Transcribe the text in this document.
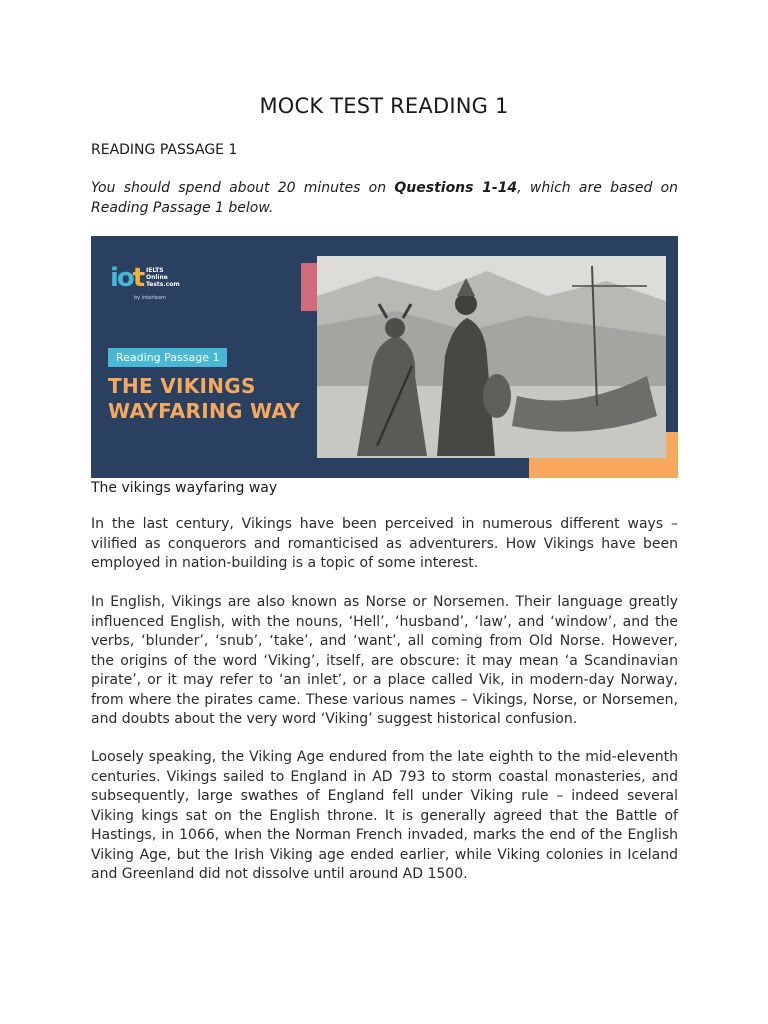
MOCK TEST READING 1
READING PASSAGE 1
You should spend about 20 minutes on Questions 1-14, which are based on Reading Passage 1 below.
iot IELTS
Online
Tests.com
by interlearn
Reading Passage 1
THE VIKINGS
WAYFARING WAY
The vikings wayfaring way

In the last century, Vikings have been perceived in numerous different ways – vilified as conquerors and romanticised as adventurers. How Vikings have been employed in nation-building is a topic of some interest.

In English, Vikings are also known as Norse or Norsemen. Their language greatly influenced English, with the nouns, ‘Hell’, ‘husband’, ‘law’, and ‘window’, and the verbs, ‘blunder’, ‘snub’, ‘take’, and ‘want’, all coming from Old Norse. However, the origins of the word ‘Viking’, itself, are obscure: it may mean ‘a Scandinavian pirate’, or it may refer to ‘an inlet’, or a place called Vik, in modern-day Norway, from where the pirates came. These various names – Vikings, Norse, or Norsemen, and doubts about the very word ‘Viking’ suggest historical confusion.

Loosely speaking, the Viking Age endured from the late eighth to the mid-eleventh centuries. Vikings sailed to England in AD 793 to storm coastal monasteries, and subsequently, large swathes of England fell under Viking rule – indeed several Viking kings sat on the English throne. It is generally agreed that the Battle of Hastings, in 1066, when the Norman French invaded, marks the end of the English Viking Age, but the Irish Viking age ended earlier, while Viking colonies in Iceland and Greenland did not dissolve until around AD 1500.
